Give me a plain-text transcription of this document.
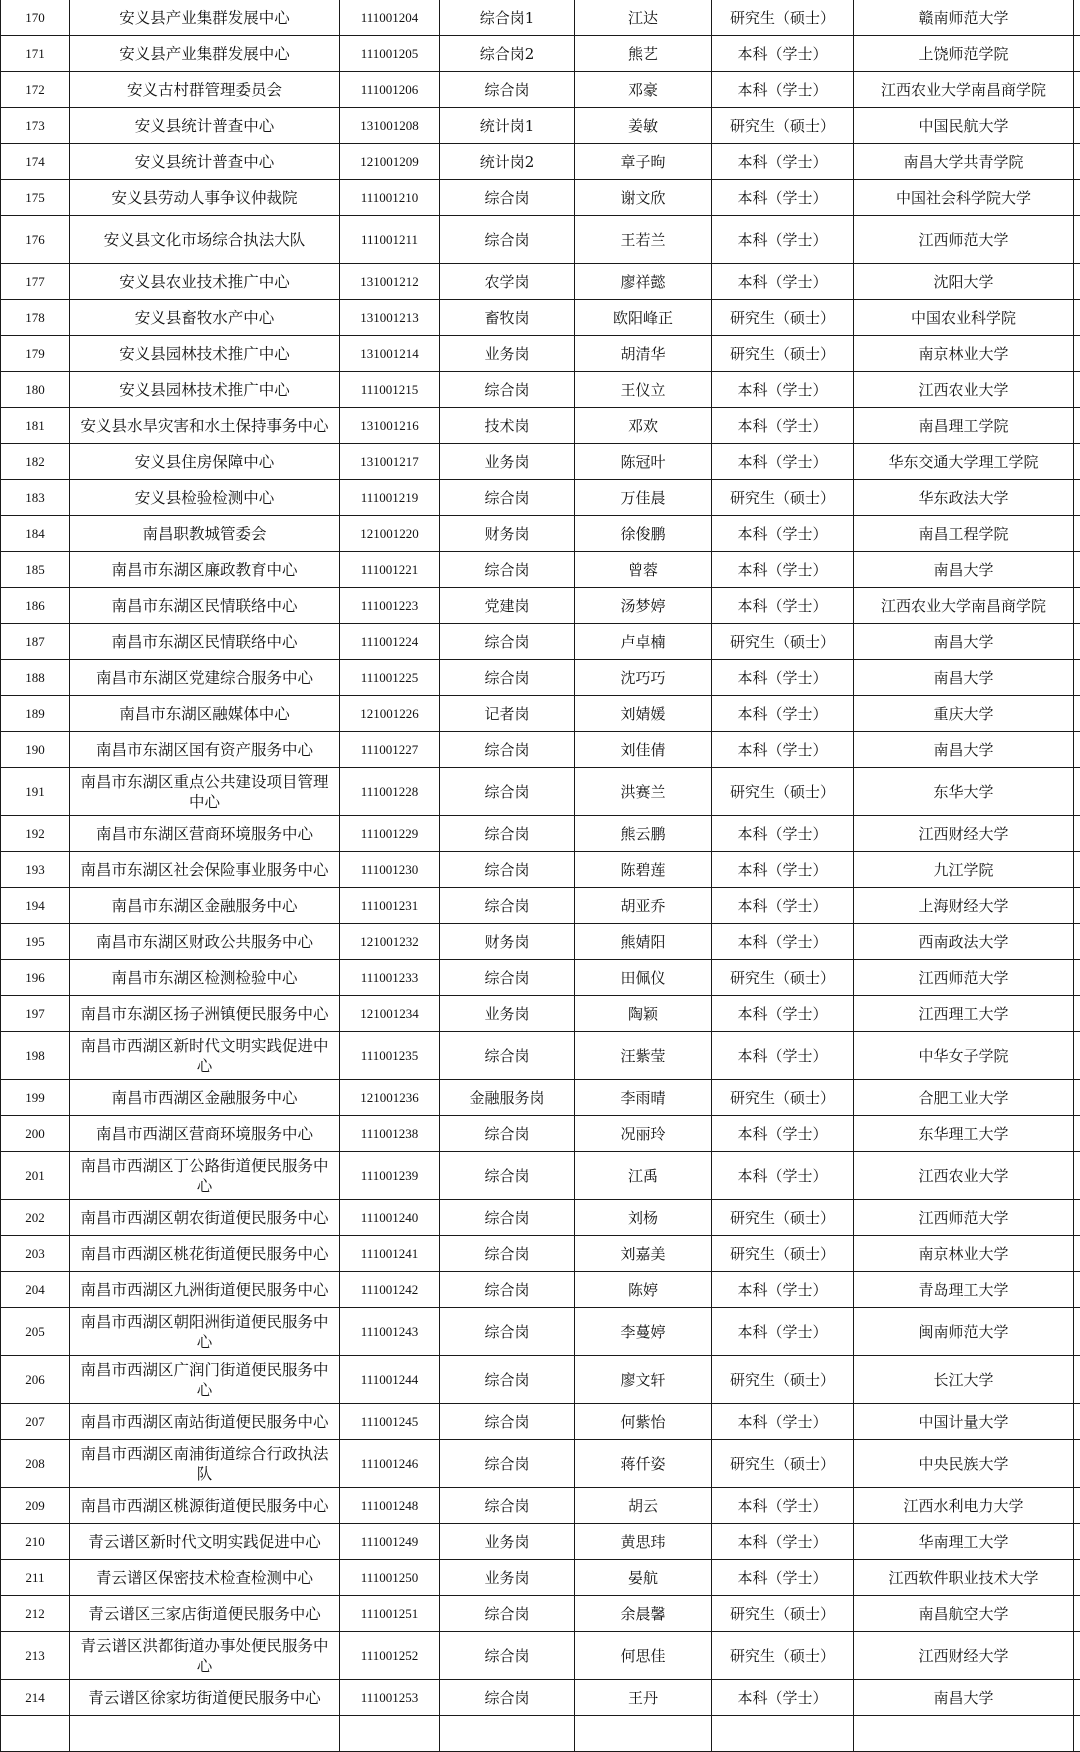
170	安义县产业集群发展中心	111001204	综合岗1	江达	研究生（硕士）	赣南师范大学	
171	安义县产业集群发展中心	111001205	综合岗2	熊艺	本科（学士）	上饶师范学院	
172	安义古村群管理委员会	111001206	综合岗	邓豪	本科（学士）	江西农业大学南昌商学院	
173	安义县统计普查中心	131001208	统计岗1	姜敏	研究生（硕士）	中国民航大学	
174	安义县统计普查中心	121001209	统计岗2	章子昫	本科（学士）	南昌大学共青学院	
175	安义县劳动人事争议仲裁院	111001210	综合岗	谢文欣	本科（学士）	中国社会科学院大学	
176	安义县文化市场综合执法大队	111001211	综合岗	王若兰	本科（学士）	江西师范大学	
177	安义县农业技术推广中心	131001212	农学岗	廖祥懿	本科（学士）	沈阳大学	
178	安义县畜牧水产中心	131001213	畜牧岗	欧阳峰正	研究生（硕士）	中国农业科学院	
179	安义县园林技术推广中心	131001214	业务岗	胡清华	研究生（硕士）	南京林业大学	
180	安义县园林技术推广中心	111001215	综合岗	王仪立	本科（学士）	江西农业大学	
181	安义县水旱灾害和水土保持事务中心	131001216	技术岗	邓欢	本科（学士）	南昌理工学院	
182	安义县住房保障中心	131001217	业务岗	陈冠叶	本科（学士）	华东交通大学理工学院	
183	安义县检验检测中心	111001219	综合岗	万佳晨	研究生（硕士）	华东政法大学	
184	南昌职教城管委会	121001220	财务岗	徐俊鹏	本科（学士）	南昌工程学院	
185	南昌市东湖区廉政教育中心	111001221	综合岗	曾蓉	本科（学士）	南昌大学	
186	南昌市东湖区民情联络中心	111001223	党建岗	汤梦婷	本科（学士）	江西农业大学南昌商学院	
187	南昌市东湖区民情联络中心	111001224	综合岗	卢卓楠	研究生（硕士）	南昌大学	
188	南昌市东湖区党建综合服务中心	111001225	综合岗	沈巧巧	本科（学士）	南昌大学	
189	南昌市东湖区融媒体中心	121001226	记者岗	刘婧媛	本科（学士）	重庆大学	
190	南昌市东湖区国有资产服务中心	111001227	综合岗	刘佳倩	本科（学士）	南昌大学	
191	南昌市东湖区重点公共建设项目管理中心	111001228	综合岗	洪赛兰	研究生（硕士）	东华大学	
192	南昌市东湖区营商环境服务中心	111001229	综合岗	熊云鹏	本科（学士）	江西财经大学	
193	南昌市东湖区社会保险事业服务中心	111001230	综合岗	陈碧莲	本科（学士）	九江学院	
194	南昌市东湖区金融服务中心	111001231	综合岗	胡亚乔	本科（学士）	上海财经大学	
195	南昌市东湖区财政公共服务中心	121001232	财务岗	熊婧阳	本科（学士）	西南政法大学	
196	南昌市东湖区检测检验中心	111001233	综合岗	田佩仪	研究生（硕士）	江西师范大学	
197	南昌市东湖区扬子洲镇便民服务中心	121001234	业务岗	陶颖	本科（学士）	江西理工大学	
198	南昌市西湖区新时代文明实践促进中心	111001235	综合岗	汪紫莹	本科（学士）	中华女子学院	
199	南昌市西湖区金融服务中心	121001236	金融服务岗	李雨晴	研究生（硕士）	合肥工业大学	
200	南昌市西湖区营商环境服务中心	111001238	综合岗	况丽玲	本科（学士）	东华理工大学	
201	南昌市西湖区丁公路街道便民服务中心	111001239	综合岗	江禹	本科（学士）	江西农业大学	
202	南昌市西湖区朝农街道便民服务中心	111001240	综合岗	刘杨	研究生（硕士）	江西师范大学	
203	南昌市西湖区桃花街道便民服务中心	111001241	综合岗	刘嘉美	研究生（硕士）	南京林业大学	
204	南昌市西湖区九洲街道便民服务中心	111001242	综合岗	陈婷	本科（学士）	青岛理工大学	
205	南昌市西湖区朝阳洲街道便民服务中心	111001243	综合岗	李蔓婷	本科（学士）	闽南师范大学	
206	南昌市西湖区广润门街道便民服务中心	111001244	综合岗	廖文轩	研究生（硕士）	长江大学	
207	南昌市西湖区南站街道便民服务中心	111001245	综合岗	何紫怡	本科（学士）	中国计量大学	
208	南昌市西湖区南浦街道综合行政执法队	111001246	综合岗	蒋仟姿	研究生（硕士）	中央民族大学	
209	南昌市西湖区桃源街道便民服务中心	111001248	综合岗	胡云	本科（学士）	江西水利电力大学	
210	青云谱区新时代文明实践促进中心	111001249	业务岗	黄思玮	本科（学士）	华南理工大学	
211	青云谱区保密技术检查检测中心	111001250	业务岗	晏航	本科（学士）	江西软件职业技术大学	
212	青云谱区三家店街道便民服务中心	111001251	综合岗	余晨馨	研究生（硕士）	南昌航空大学	
213	青云谱区洪都街道办事处便民服务中心	111001252	综合岗	何思佳	研究生（硕士）	江西财经大学	
214	青云谱区徐家坊街道便民服务中心	111001253	综合岗	王丹	本科（学士）	南昌大学	
